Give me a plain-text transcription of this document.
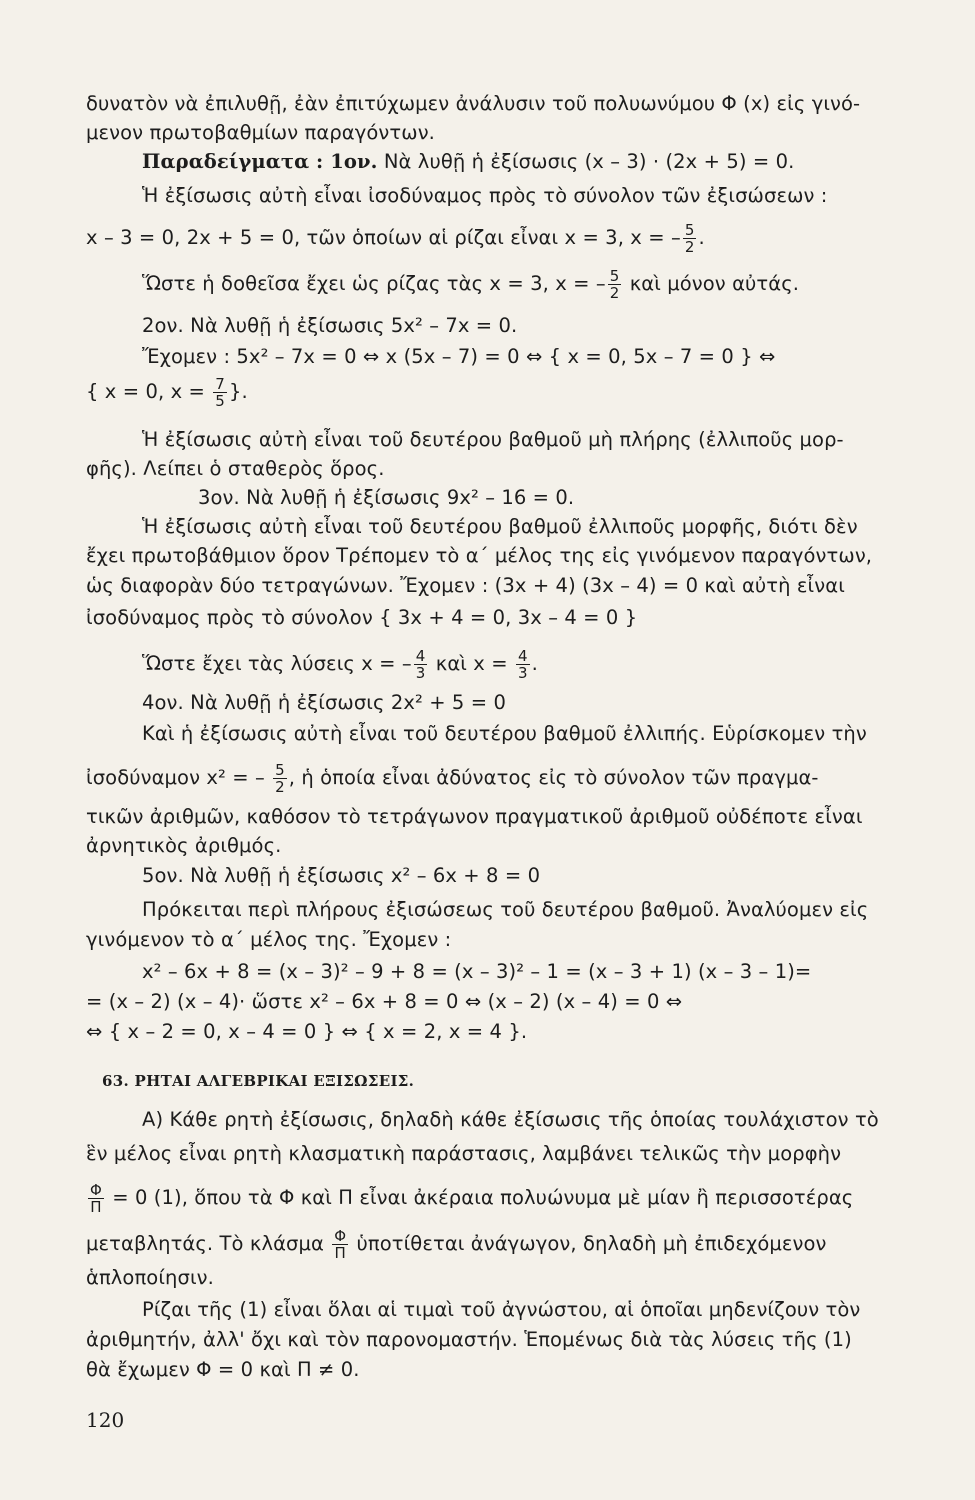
δυνατὸν νὰ ἐπιλυθῇ, ἐὰν ἐπιτύχωμεν ἀνάλυσιν τοῦ πολυωνύμου Φ (x) εἰς γινό-
μενον πρωτοβαθμίων παραγόντων.
Παραδείγματα : 1ον. Νὰ λυθῇ ἡ ἐξίσωσις (x – 3) · (2x + 5) = 0.
Ἡ ἐξίσωσις αὐτὴ εἶναι ἰσοδύναμος πρὸς τὸ σύνολον τῶν ἐξισώσεων :
x – 3 = 0, 2x + 5 = 0, τῶν ὁποίων αἱ ρίζαι εἶναι x = 3, x = – $\frac{5}{2}$ .
Ὥστε ἡ δοθεῖσα ἔχει ὡς ρίζας τὰς x = 3, x = – $\frac{5}{2}$ καὶ μόνον αὐτάς.
2ον. Νὰ λυθῇ ἡ ἐξίσωσις 5x² – 7x = 0.
Ἔχομεν : 5x² – 7x = 0 ⇔ x (5x – 7) = 0 ⇔ { x = 0, 5x – 7 = 0 } ⇔
{ x = 0, $x = \frac{7}{5}$ }.
Ἡ ἐξίσωσις αὐτὴ εἶναι τοῦ δευτέρου βαθμοῦ μὴ πλήρης (ἐλλιποῦς μορ-
φῆς). Λείπει ὁ σταθερὸς ὅρος.
3ον. Νὰ λυθῇ ἡ ἐξίσωσις 9x² – 16 = 0.
Ἡ ἐξίσωσις αὐτὴ εἶναι τοῦ δευτέρου βαθμοῦ ἐλλιποῦς μορφῆς, διότι δὲν
ἔχει πρωτοβάθμιον ὅρον Τρέπομεν τὸ α΄ μέλος της εἰς γινόμενον παραγόντων,
ὡς διαφορὰν δύο τετραγώνων. Ἔχομεν : (3x + 4) (3x – 4) = 0 καὶ αὐτὴ εἶναι
ἰσοδύναμος πρὸς τὸ σύνολον { 3x + 4 = 0, 3x – 4 = 0 }
Ὥστε ἔχει τὰς λύσεις x = – $\frac{4}{3}$ καὶ $x = \frac{4}{3}$ .
4ον. Νὰ λυθῇ ἡ ἐξίσωσις 2x² + 5 = 0
Καὶ ἡ ἐξίσωσις αὐτὴ εἶναι τοῦ δευτέρου βαθμοῦ ἐλλιπής. Εὑρίσκομεν τὴν
ἰσοδύναμον x² = – $\frac{5}{2}$ , ἡ ὁποία εἶναι ἀδύνατος εἰς τὸ σύνολον τῶν πραγμα-
τικῶν ἀριθμῶν, καθόσον τὸ τετράγωνον πραγματικοῦ ἀριθμοῦ οὐδέποτε εἶναι
ἀρνητικὸς ἀριθμός.
5ον. Νὰ λυθῇ ἡ ἐξίσωσις x² – 6x + 8 = 0
Πρόκειται περὶ πλήρους ἐξισώσεως τοῦ δευτέρου βαθμοῦ. Ἀναλύομεν εἰς
γινόμενον τὸ α΄ μέλος της. Ἔχομεν :
x² – 6x + 8 = (x – 3)² – 9 + 8 = (x – 3)² – 1 = (x – 3 + 1) (x – 3 – 1)=
= (x – 2) (x – 4)· ὥστε x² – 6x + 8 = 0 ⇔ (x – 2) (x – 4) = 0 ⇔
⇔ { x – 2 = 0, x – 4 = 0 } ⇔ { x = 2, x = 4 }.
63. ΡΗΤΑΙ ΑΛΓΕΒΡΙΚΑΙ ΕΞΙΣΩΣΕΙΣ.
Α) Κάθε ρητὴ ἐξίσωσις, δηλαδὴ κάθε ἐξίσωσις τῆς ὁποίας τουλάχιστον τὸ
ἓν μέλος εἶναι ρητὴ κλασματικὴ παράστασις, λαμβάνει τελικῶς τὴν μορφὴν
$\frac{\Phi}{\Pi} = 0$ (1), ὅπου τὰ Φ καὶ Π εἶναι ἀκέραια πολυώνυμα μὲ μίαν ἢ περισσοτέρας
μεταβλητάς. Τὸ κλάσμα $\frac{\Phi}{\Pi}$ ὑποτίθεται ἀνάγωγον, δηλαδὴ μὴ ἐπιδεχόμενον
ἁπλοποίησιν.
Ρίζαι τῆς (1) εἶναι ὅλαι αἱ τιμαὶ τοῦ ἀγνώστου, αἱ ὁποῖαι μηδενίζουν τὸν
ἀριθμητήν, ἀλλ' ὄχι καὶ τὸν παρονομαστήν. Ἑπομένως διὰ τὰς λύσεις τῆς (1)
θὰ ἔχωμεν Φ = 0 καὶ Π ≠ 0.
120
